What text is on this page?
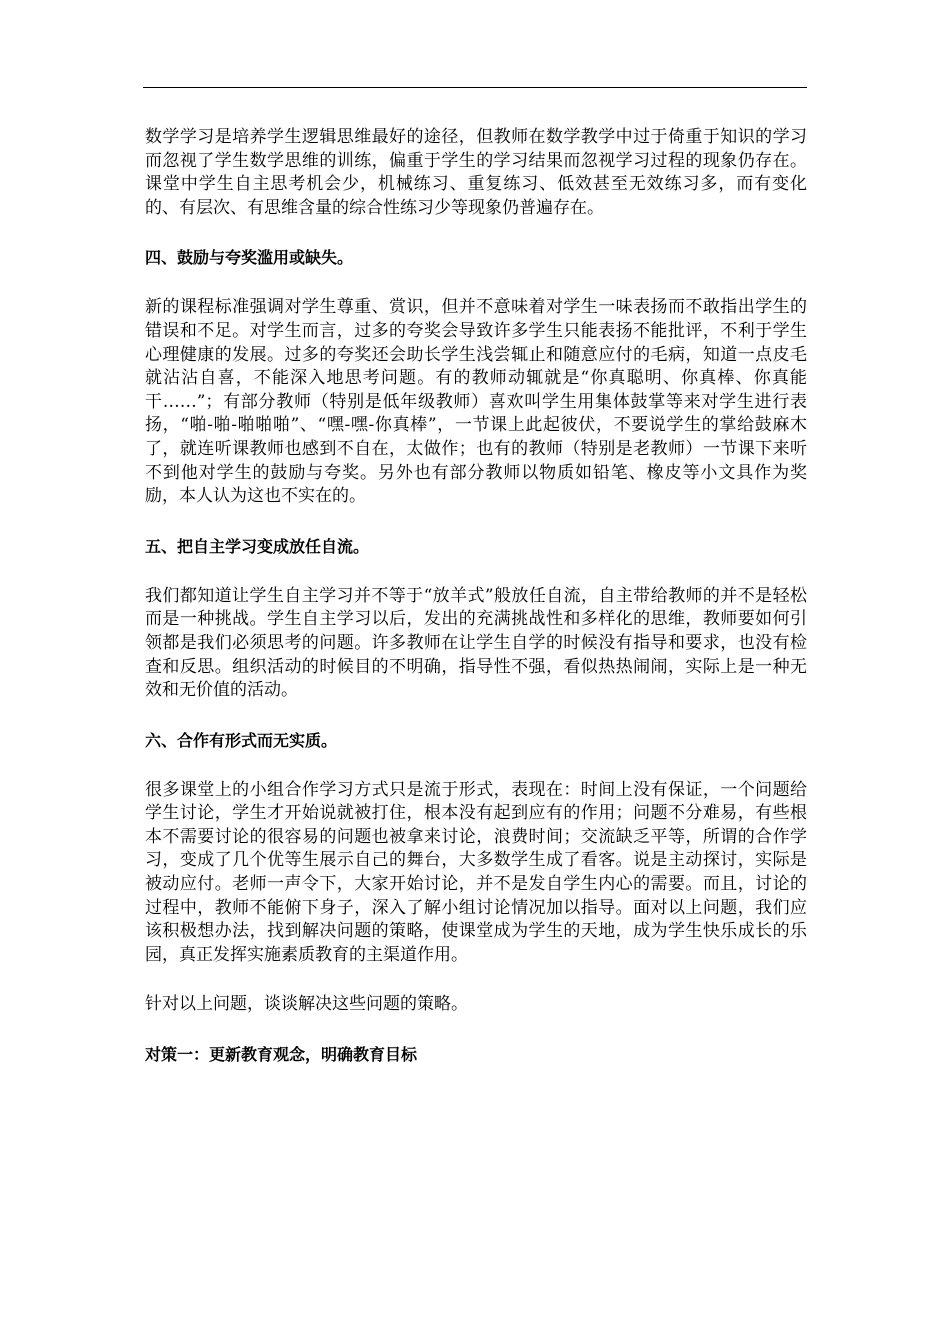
数学学习是培养学生逻辑思维最好的途径，但教师在数学教学中过于倚重于知识的学习而忽视了学生数学思维的训练，偏重于学生的学习结果而忽视学习过程的现象仍存在。课堂中学生自主思考机会少，机械练习、重复练习、低效甚至无效练习多，而有变化的、有层次、有思维含量的综合性练习少等现象仍普遍存在。

四、鼓励与夸奖滥用或缺失。

新的课程标准强调对学生尊重、赏识，但并不意味着对学生一味表扬而不敢指出学生的错误和不足。对学生而言，过多的夸奖会导致许多学生只能表扬不能批评，不利于学生心理健康的发展。过多的夸奖还会助长学生浅尝辄止和随意应付的毛病，知道一点皮毛就沾沾自喜，不能深入地思考问题。有的教师动辄就是“你真聪明、你真棒、你真能干……”；有部分教师（特别是低年级教师）喜欢叫学生用集体鼓掌等来对学生进行表扬，“啪-啪-啪啪啪”、“嘿-嘿-你真棒”，一节课上此起彼伏，不要说学生的掌给鼓麻木了，就连听课教师也感到不自在，太做作；也有的教师（特别是老教师）一节课下来听不到他对学生的鼓励与夸奖。另外也有部分教师以物质如铅笔、橡皮等小文具作为奖励，本人认为这也不实在的。

五、把自主学习变成放任自流。

我们都知道让学生自主学习并不等于“放羊式”般放任自流，自主带给教师的并不是轻松而是一种挑战。学生自主学习以后，发出的充满挑战性和多样化的思维，教师要如何引领都是我们必须思考的问题。许多教师在让学生自学的时候没有指导和要求，也没有检查和反思。组织活动的时候目的不明确，指导性不强，看似热热闹闹，实际上是一种无效和无价值的活动。

六、合作有形式而无实质。

很多课堂上的小组合作学习方式只是流于形式，表现在：时间上没有保证，一个问题给学生讨论，学生才开始说就被打住，根本没有起到应有的作用；问题不分难易，有些根本不需要讨论的很容易的问题也被拿来讨论，浪费时间；交流缺乏平等，所谓的合作学习，变成了几个优等生展示自己的舞台，大多数学生成了看客。说是主动探讨，实际是被动应付。老师一声令下，大家开始讨论，并不是发自学生内心的需要。而且，讨论的过程中，教师不能俯下身子，深入了解小组讨论情况加以指导。面对以上问题，我们应该积极想办法，找到解决问题的策略，使课堂成为学生的天地，成为学生快乐成长的乐园，真正发挥实施素质教育的主渠道作用。

针对以上问题，谈谈解决这些问题的策略。

对策一：更新教育观念，明确教育目标
